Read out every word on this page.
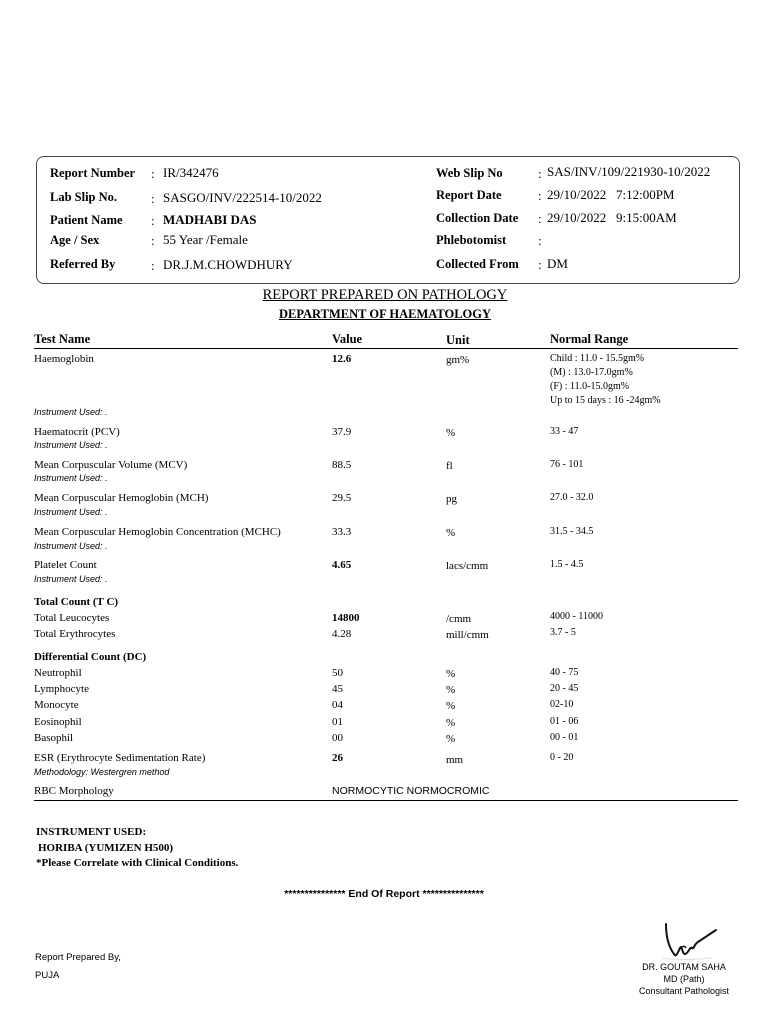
Report Number : IR/342476
Lab Slip No.	: SASGO/INV/222514-10/2022
Patient Name : MADHABI DAS
Age / Sex	: 55 Year /Female
Referred By	: DR.J.M.CHOWDHURY
Web Slip No	: SAS/INV/109/221930-10/2022
Report Date	: 29/10/2022   7:12:00PM
Collection Date : 29/10/2022   9:15:00AM
Phlebotomist :
Collected From : DM
REPORT PREPARED ON PATHOLOGY
DEPARTMENT OF HAEMATOLOGY
Test Name	Value	Unit	Normal Range
Haemoglobin	12.6	gm%	Child : 11.0 - 15.5gm%
(M) : 13.0-17.0gm%
(F) : 11.0-15.0gm%
Up to 15 days : 16 -24gm%
Instrument Used: .
Haematocrit (PCV)	37.9	%	33 - 47
Instrument Used: .
Mean Corpuscular Volume (MCV)	88.5	fl	76 - 101
Instrument Used: .
Mean Corpuscular Hemoglobin (MCH)	29.5	pg	27.0 - 32.0
Instrument Used: .
Mean Corpuscular Hemoglobin Concentration (MCHC)	33.3	%	31.5 - 34.5
Instrument Used: .
Platelet Count	4.65	lacs/cmm	1.5 - 4.5
Instrument Used: .
Total Count (T C)
Total Leucocytes	14800	/cmm	4000 - 11000
Total Erythrocytes	4.28	mill/cmm	3.7 - 5
Differential Count (DC)
Neutrophil	50	%	40 - 75
Lymphocyte	45	%	20 - 45
Monocyte	04	%	02-10
Eosinophil	01	%	01 - 06
Basophil	00	%	00 - 01
ESR (Erythrocyte Sedimentation Rate)	26	mm	0 - 20
Methodology: Westergren method
RBC Morphology	NORMOCYTIC NORMOCROMIC
INSTRUMENT USED:
HORIBA (YUMIZEN H500)
*Please Correlate with Clinical Conditions.
*************** End Of Report ***************
Report Prepared By,
PUJA
DR. GOUTAM SAHA
MD (Path)
Consultant Pathologist
